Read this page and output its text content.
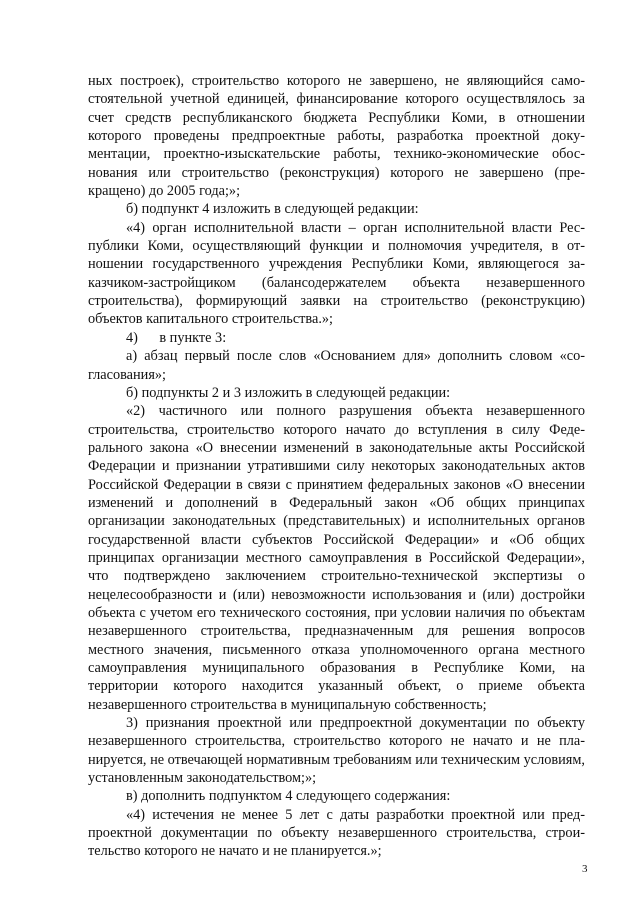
ных построек), строительство которого не завершено, не являющийся самостоятельной учетной единицей, финансирование которого осуществлялось за счет средств республиканского бюджета Республики Коми, в отношении которого проведены предпроектные работы, разработка проектной документации, проектно-изыскательские работы, технико-экономические обоснования или строительство (реконструкция) которого не завершено (прекращено) до 2005 года;»;

б) подпункт 4 изложить в следующей редакции:

«4) орган исполнительной власти – орган исполнительной власти Республики Коми, осуществляющий функции и полномочия учредителя, в отношении государственного учреждения Республики Коми, являющегося заказчиком-застройщиком (балансодержателем объекта незавершенного строительства), формирующий заявки на строительство (реконструкцию) объектов капитального строительства.»;

4)      в пункте 3:

а) абзац первый после слов «Основанием для» дополнить словом «согласования»;

б) подпункты 2 и 3 изложить в следующей редакции:

«2) частичного или полного разрушения объекта незавершенного строительства, строительство которого начато до вступления в силу Федерального закона «О внесении изменений в законодательные акты Российской Федерации и признании утратившими силу некоторых законодательных актов Российской Федерации в связи с принятием федеральных законов «О внесении изменений и дополнений в Федеральный закон «Об общих принципах организации законодательных (представительных) и исполнительных органов государственной власти субъектов Российской Федерации» и «Об общих принципах организации местного самоуправления в Российской Федерации», что подтверждено заключением строительно-технической экспертизы о нецелесообразности и (или) невозможности использования и (или) достройки объекта с учетом его технического состояния, при условии наличия по объектам незавершенного строительства, предназначенным для решения вопросов местного значения, письменного отказа уполномоченного органа местного самоуправления муниципального образования в Республике Коми, на территории которого находится указанный объект, о приеме объекта незавершенного строительства в муниципальную собственность;

3) признания проектной или предпроектной документации по объекту незавершенного строительства, строительство которого не начато и не планируется, не отвечающей нормативным требованиям или техническим условиям, установленным законодательством;»;

в) дополнить подпунктом 4 следующего содержания:

«4) истечения не менее 5 лет с даты разработки проектной или предпроектной документации по объекту незавершенного строительства, строительство которого не начато и не планируется.»;

3
